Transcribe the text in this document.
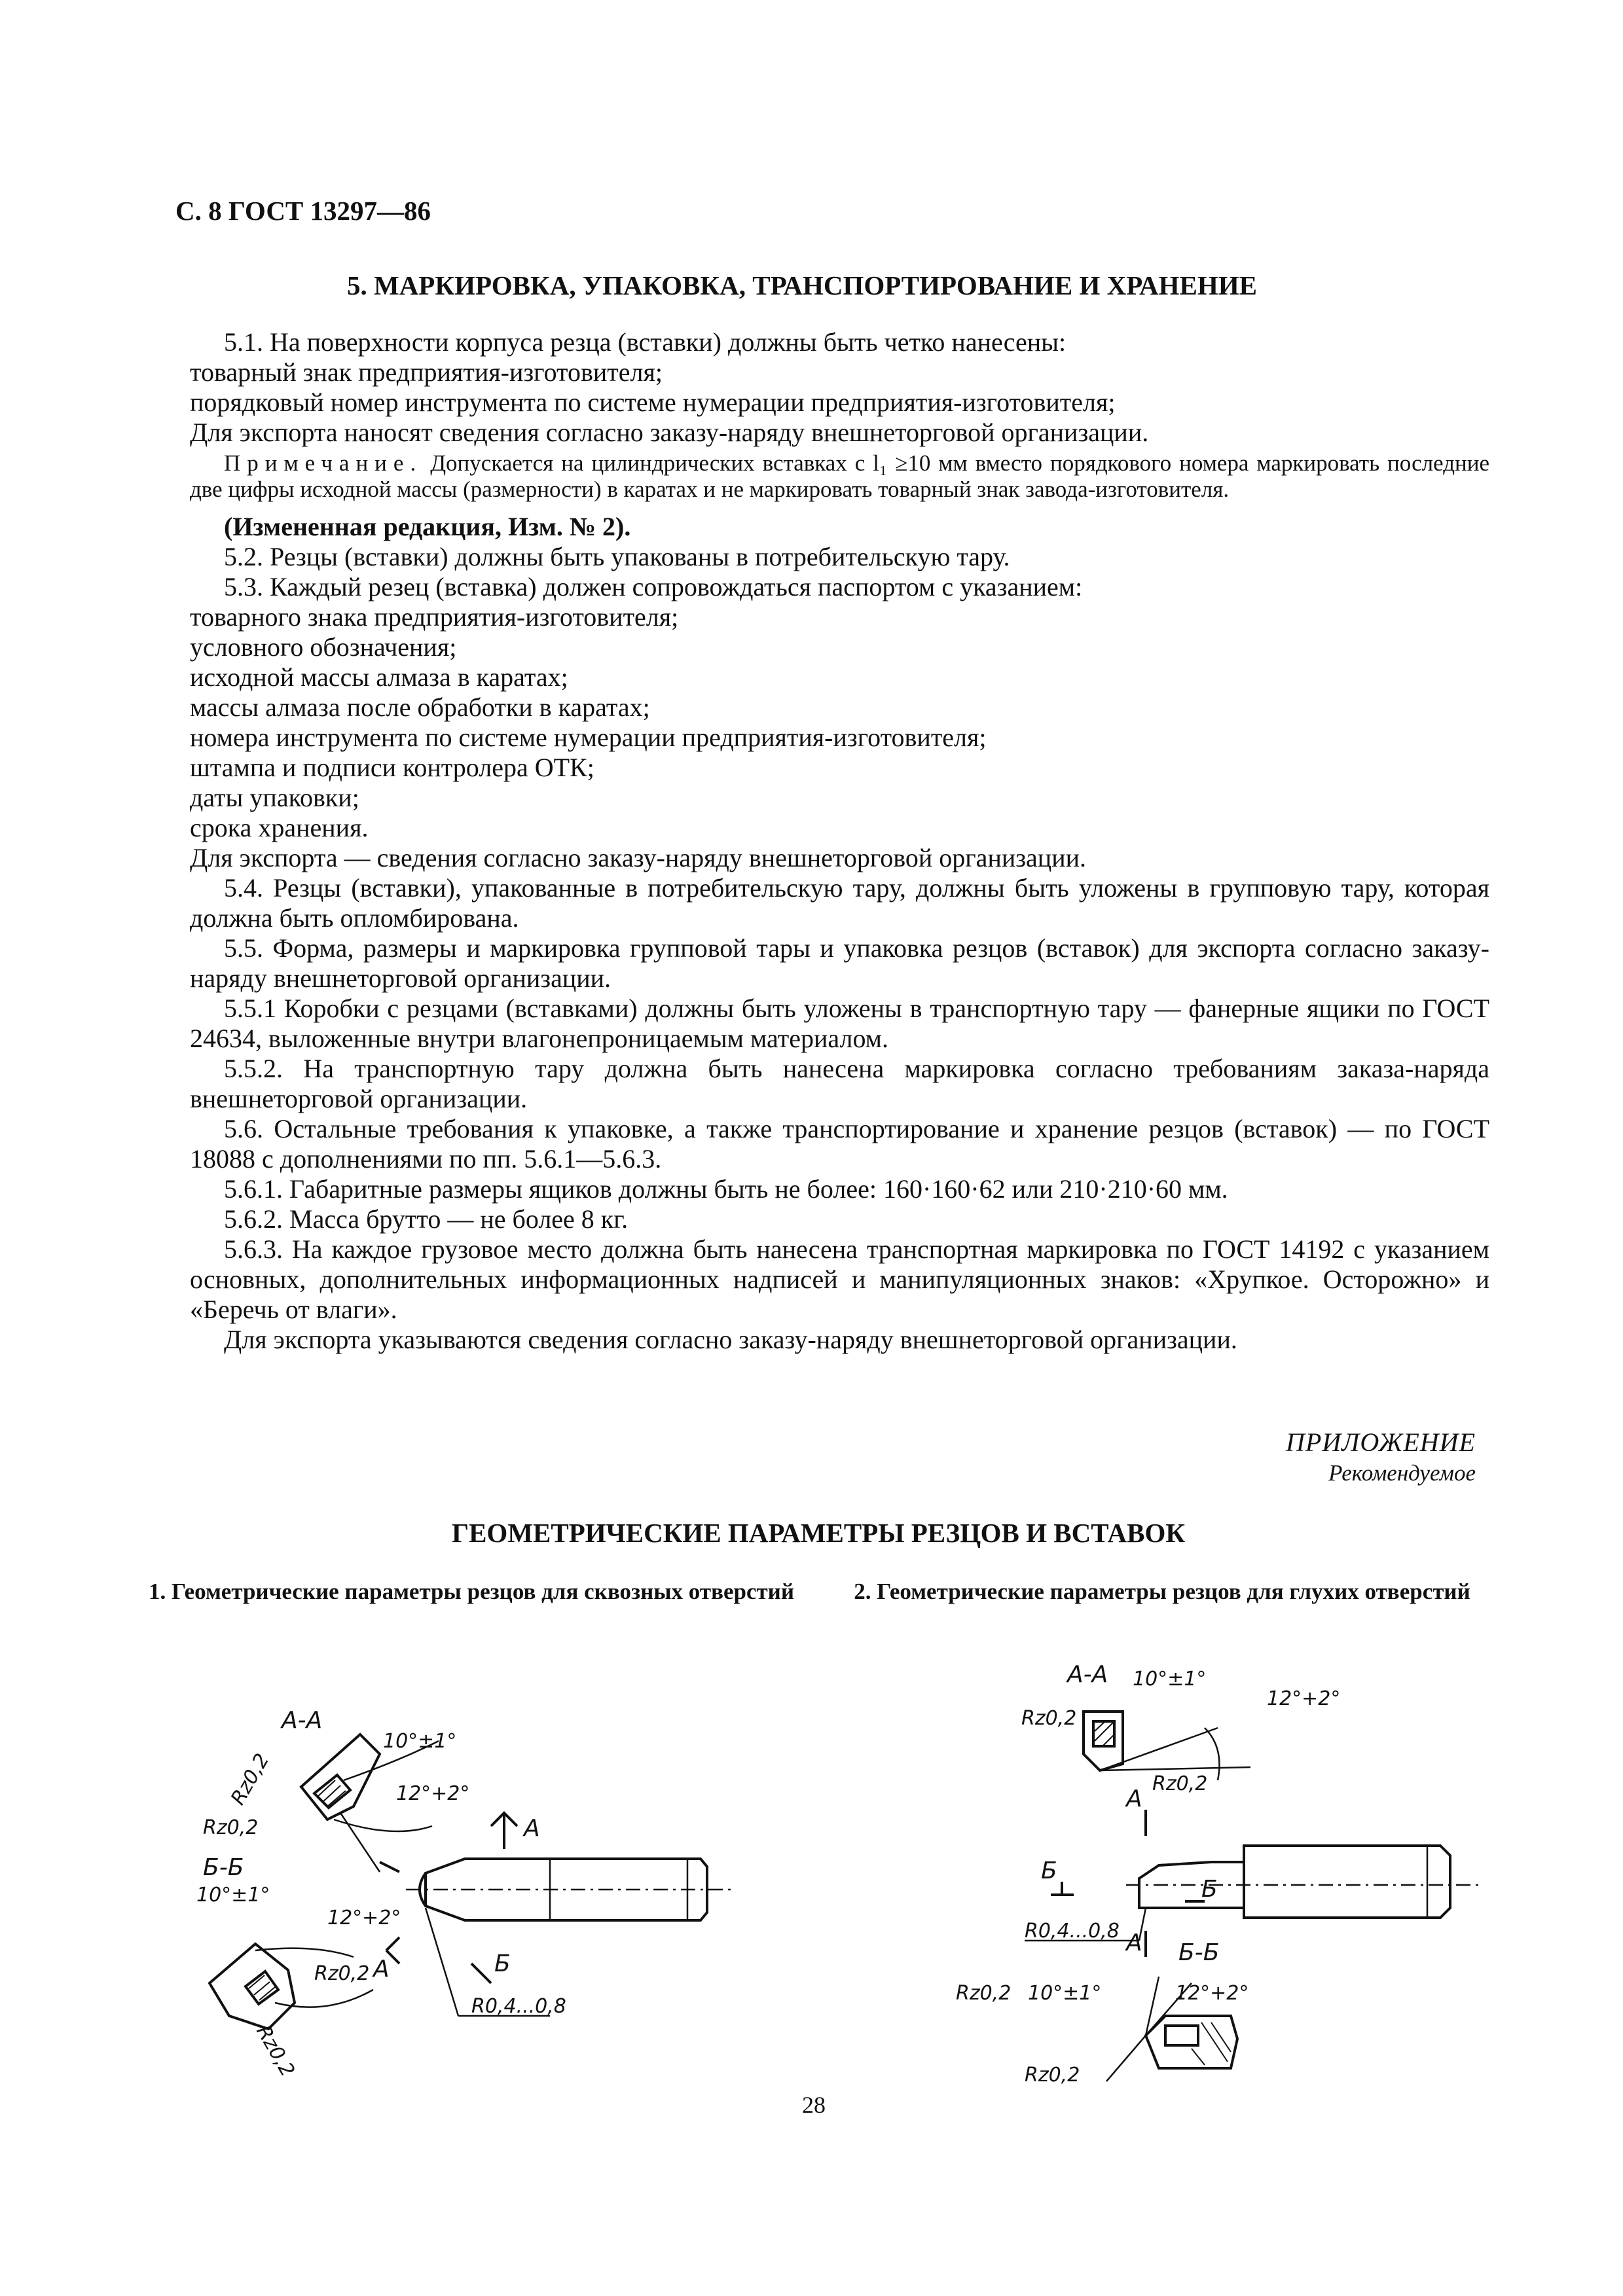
С. 8 ГОСТ 13297—86
5. МАРКИРОВКА, УПАКОВКА, ТРАНСПОРТИРОВАНИЕ И ХРАНЕНИЕ

5.1. На поверхности корпуса резца (вставки) должны быть четко нанесены:

товарный знак предприятия-изготовителя;

порядковый номер инструмента по системе нумерации предприятия-изготовителя;

Для экспорта наносят сведения согласно заказу-наряду внешнеторговой организации.

Примечание. Допускается на цилиндрических вставках с l₁ ≥10 мм вместо порядкового номера маркировать последние две цифры исходной массы (размерности) в каратах и не маркировать товарный знак завода-изготовителя.

(Измененная редакция, Изм. № 2).

5.2. Резцы (вставки) должны быть упакованы в потребительскую тару.

5.3. Каждый резец (вставка) должен сопровождаться паспортом с указанием:

товарного знака предприятия-изготовителя;

условного обозначения;

исходной массы алмаза в каратах;

массы алмаза после обработки в каратах;

номера инструмента по системе нумерации предприятия-изготовителя;

штампа и подписи контролера ОТК;

даты упаковки;

срока хранения.

Для экспорта — сведения согласно заказу-наряду внешнеторговой организации.

5.4. Резцы (вставки), упакованные в потребительскую тару, должны быть уложены в групповую тару, которая должна быть опломбирована.

5.5. Форма, размеры и маркировка групповой тары и упаковка резцов (вставок) для экспорта согласно заказу-наряду внешнеторговой организации.

5.5.1 Коробки с резцами (вставками) должны быть уложены в транспортную тару — фанерные ящики по ГОСТ 24634, выложенные внутри влагонепроницаемым материалом.

5.5.2. На транспортную тару должна быть нанесена маркировка согласно требованиям заказа-наряда внешнеторговой организации.

5.6. Остальные требования к упаковке, а также транспортирование и хранение резцов (вставок) — по ГОСТ 18088 с дополнениями по пп. 5.6.1—5.6.3.

5.6.1. Габаритные размеры ящиков должны быть не более: 160·160·62 или 210·210·60 мм.

5.6.2. Масса брутто — не более 8 кг.

5.6.3. На каждое грузовое место должна быть нанесена транспортная маркировка по ГОСТ 14192 с указанием основных, дополнительных информационных надписей и манипуляционных знаков: «Хрупкое. Осторожно» и «Беречь от влаги».

Для экспорта указываются сведения согласно заказу-наряду внешнеторговой организации.

ПРИЛОЖЕНИЕ
Рекомендуемое
ГЕОМЕТРИЧЕСКИЕ ПАРАМЕТРЫ РЕЗЦОВ И ВСТАВОК
1. Геометрические параметры резцов для сквозных отверстий	2. Геометрические параметры резцов для глухих отверстий
А-А
10°±1°
12°+2°
Rz0,2
Rz0,2
Б-Б
10°±1°
12°+2°
Rz0,2
Rz0,2
А
А	Б
R0,4...0,8
А-А 10°±1°
12°+2°
Rz0,2
Rz0,2
А
Б
Б
R0,4...0,8 А Б-Б
Rz0,2 10°±1°	12°+2°
Rz0,2
28
